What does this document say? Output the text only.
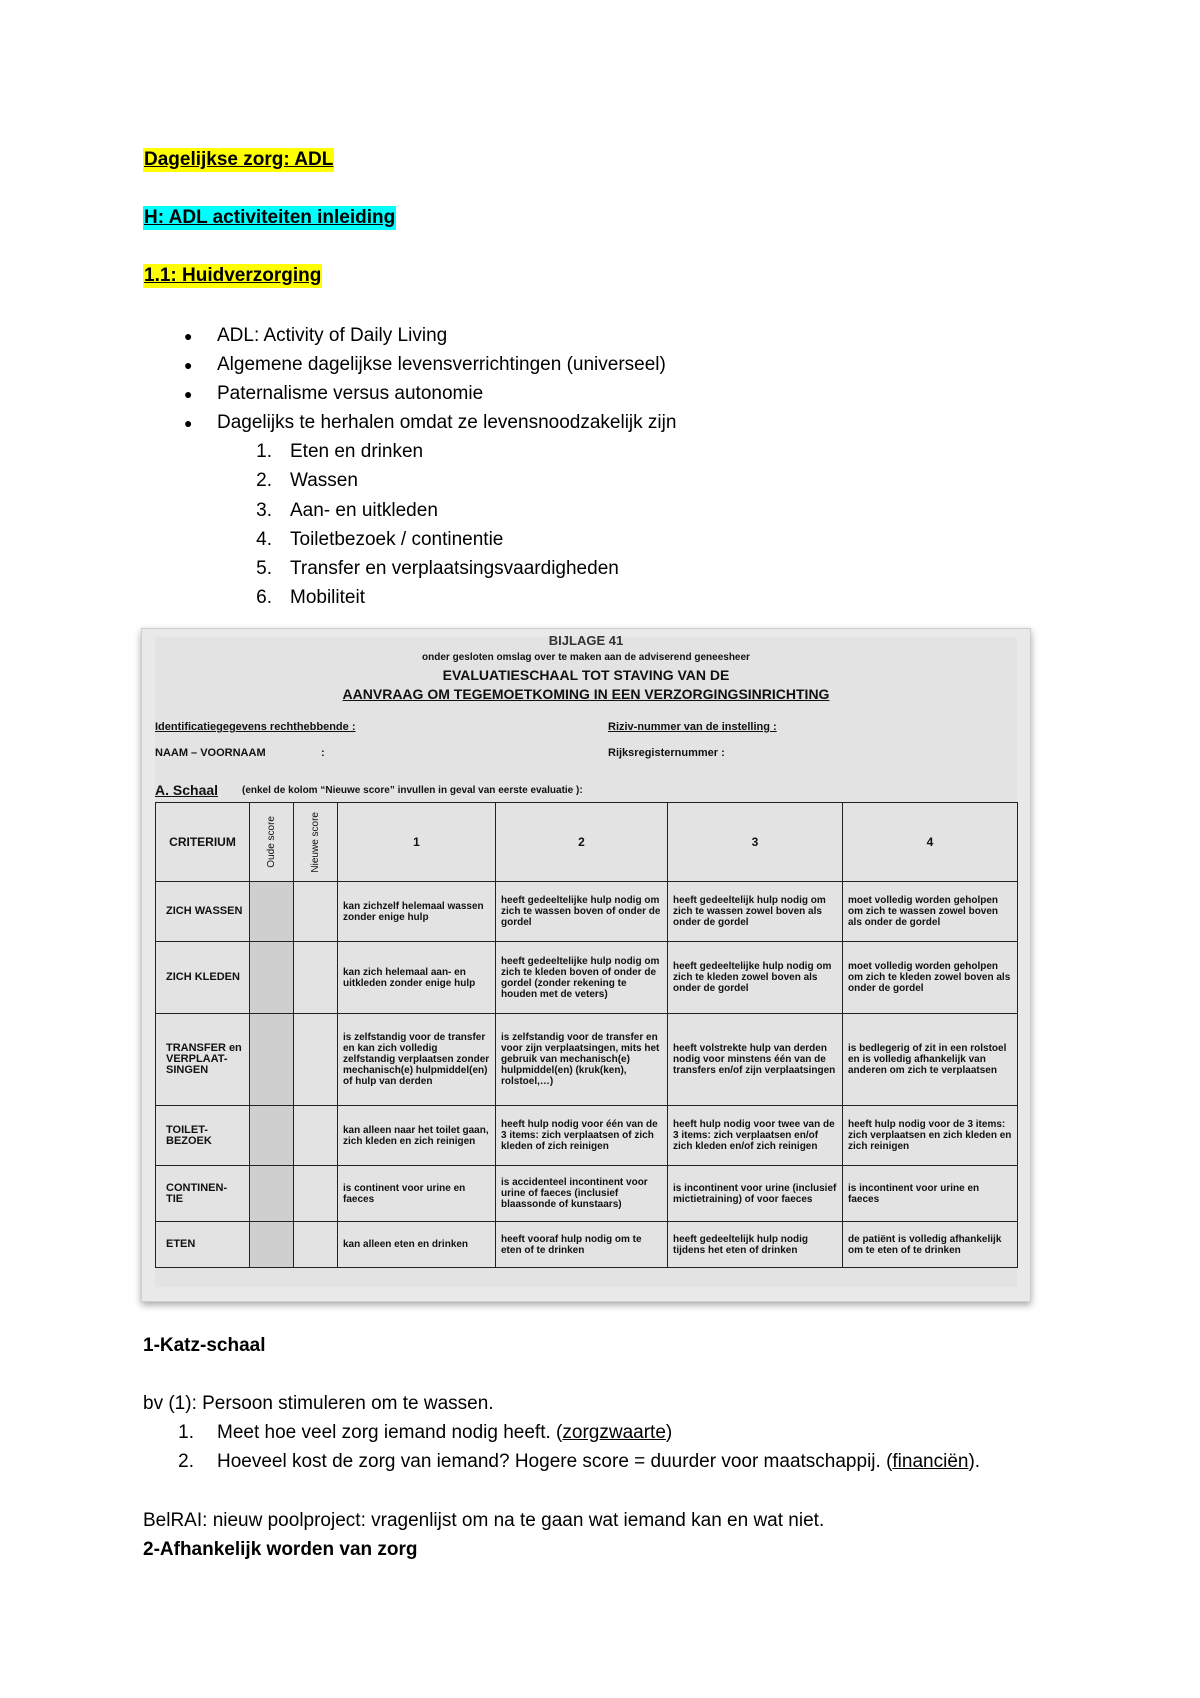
Dagelijkse zorg: ADL
H: ADL activiteiten inleiding
1.1: Huidverzorging
● ADL: Activity of Daily Living
● Algemene dagelijkse levensverrichtingen (universeel)
● Paternalisme versus autonomie
● Dagelijks te herhalen omdat ze levensnoodzakelijk zijn
1. Eten en drinken
2. Wassen
3. Aan- en uitkleden
4. Toiletbezoek / continentie
5. Transfer en verplaatsingsvaardigheden
6. Mobiliteit
BIJLAGE 41
onder gesloten omslag over te maken aan de adviserend geneesheer
EVALUATIESCHAAL TOT STAVING VAN DE
AANVRAAG OM TEGEMOETKOMING IN EEN VERZORGINGSINRICHTING
Identificatiegegevens rechthebbende :	Riziv-nummer van de instelling :
NAAM – VOORNAAM	:	Rijksregisternummer :
A. Schaal (enkel de kolom “Nieuwe score” invullen in geval van eerste evaluatie ):
CRITERIUM	Oude score	Nieuwe score	1	2	3	4
ZICH WASSEN			kan zichzelf helemaal wassen zonder enige hulp	heeft gedeeltelijke hulp nodig om zich te wassen boven of onder de gordel	heeft gedeeltelijk hulp nodig om zich te wassen zowel boven als onder de gordel	moet volledig worden geholpen om zich te wassen zowel boven als onder de gordel
ZICH KLEDEN			kan zich helemaal aan- en uitkleden zonder enige hulp	heeft gedeeltelijke hulp nodig om zich te kleden boven of onder de gordel (zonder rekening te houden met de veters)	heeft gedeeltelijke hulp nodig om zich te kleden zowel boven als onder de gordel	moet volledig worden geholpen om zich te kleden zowel boven als onder de gordel
TRANSFER en VERPLAAT-SINGEN			is zelfstandig voor de transfer en kan zich volledig zelfstandig verplaatsen zonder mechanisch(e) hulpmiddel(en) of hulp van derden	is zelfstandig voor de transfer en voor zijn verplaatsingen, mits het gebruik van mechanisch(e) hulpmiddel(en) (kruk(ken), rolstoel,…)	heeft volstrekte hulp van derden nodig voor minstens één van de transfers en/of zijn verplaatsingen	is bedlegerig of zit in een rolstoel en is volledig afhankelijk van anderen om zich te verplaatsen
TOILET-BEZOEK			kan alleen naar het toilet gaan, zich kleden en zich reinigen	heeft hulp nodig voor één van de 3 items: zich verplaatsen of zich kleden of zich reinigen	heeft hulp nodig voor twee van de 3 items: zich verplaatsen en/of zich kleden en/of zich reinigen	heeft hulp nodig voor de 3 items: zich verplaatsen en zich kleden en zich reinigen
CONTINEN-TIE			is continent voor urine en faeces	is accidenteel incontinent voor urine of faeces (inclusief blaassonde of kunstaars)	is incontinent voor urine (inclusief mictietraining) of voor faeces	is incontinent voor urine en faeces
ETEN			kan alleen eten en drinken	heeft vooraf hulp nodig om te eten of te drinken	heeft gedeeltelijk hulp nodig tijdens het eten of drinken	de patiënt is volledig afhankelijk om te eten of te drinken
1-Katz-schaal
bv (1): Persoon stimuleren om te wassen.
1. Meet hoe veel zorg iemand nodig heeft. (zorgzwaarte)
2. Hoeveel kost de zorg van iemand? Hogere score = duurder voor maatschappij. (financiën).
BelRAI: nieuw poolproject: vragenlijst om na te gaan wat iemand kan en wat niet.
2-Afhankelijk worden van zorg
